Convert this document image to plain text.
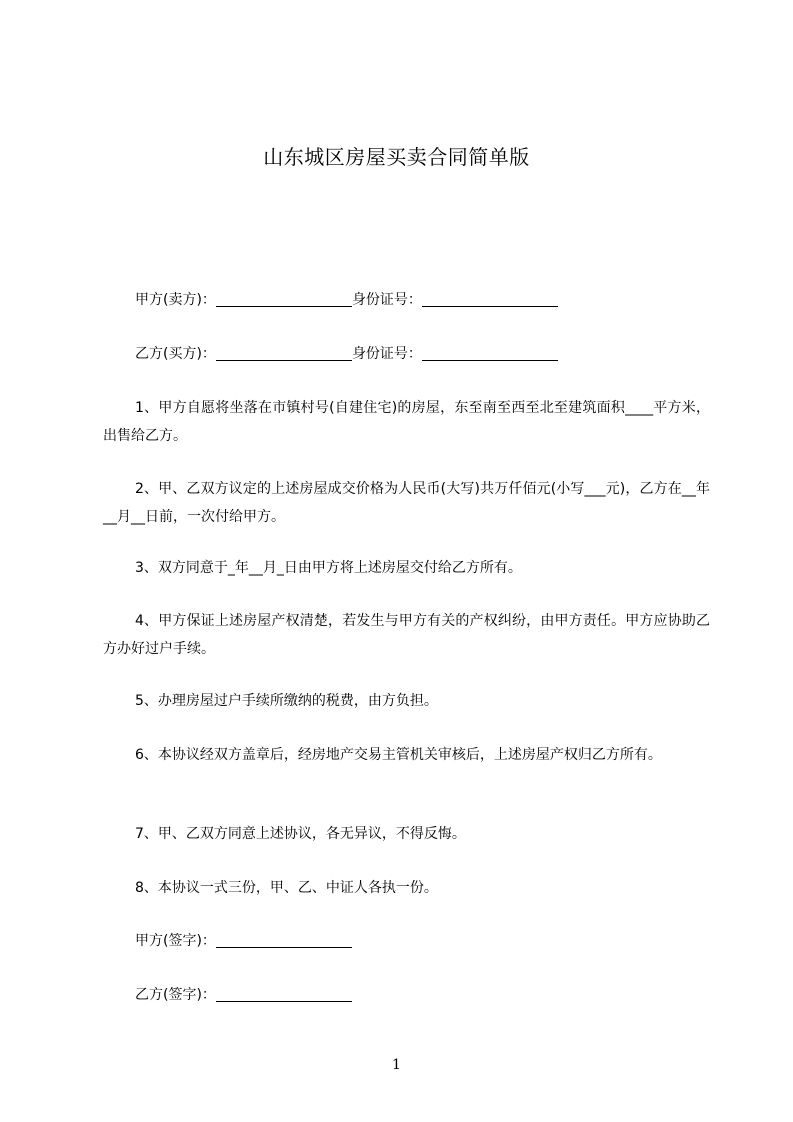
山东城区房屋买卖合同简单版
甲方(卖方)：	身份证号：
乙方(买方)：	身份证号：
1、甲方自愿将坐落在市镇村号(自建住宅)的房屋，东至南至西至北至建筑面积____平方米，出售给乙方。
2、甲、乙双方议定的上述房屋成交价格为人民币(大写)共万仟佰元(小写___元)，乙方在__年__月__日前，一次付给甲方。
3、双方同意于_年__月_日由甲方将上述房屋交付给乙方所有。
4、甲方保证上述房屋产权清楚，若发生与甲方有关的产权纠纷，由甲方责任。甲方应协助乙方办好过户手续。
5、办理房屋过户手续所缴纳的税费，由方负担。
6、本协议经双方盖章后，经房地产交易主管机关审核后，上述房屋产权归乙方所有。
7、甲、乙双方同意上述协议，各无异议，不得反悔。
8、本协议一式三份，甲、乙、中证人各执一份。
甲方(签字)：
乙方(签字)：
1
